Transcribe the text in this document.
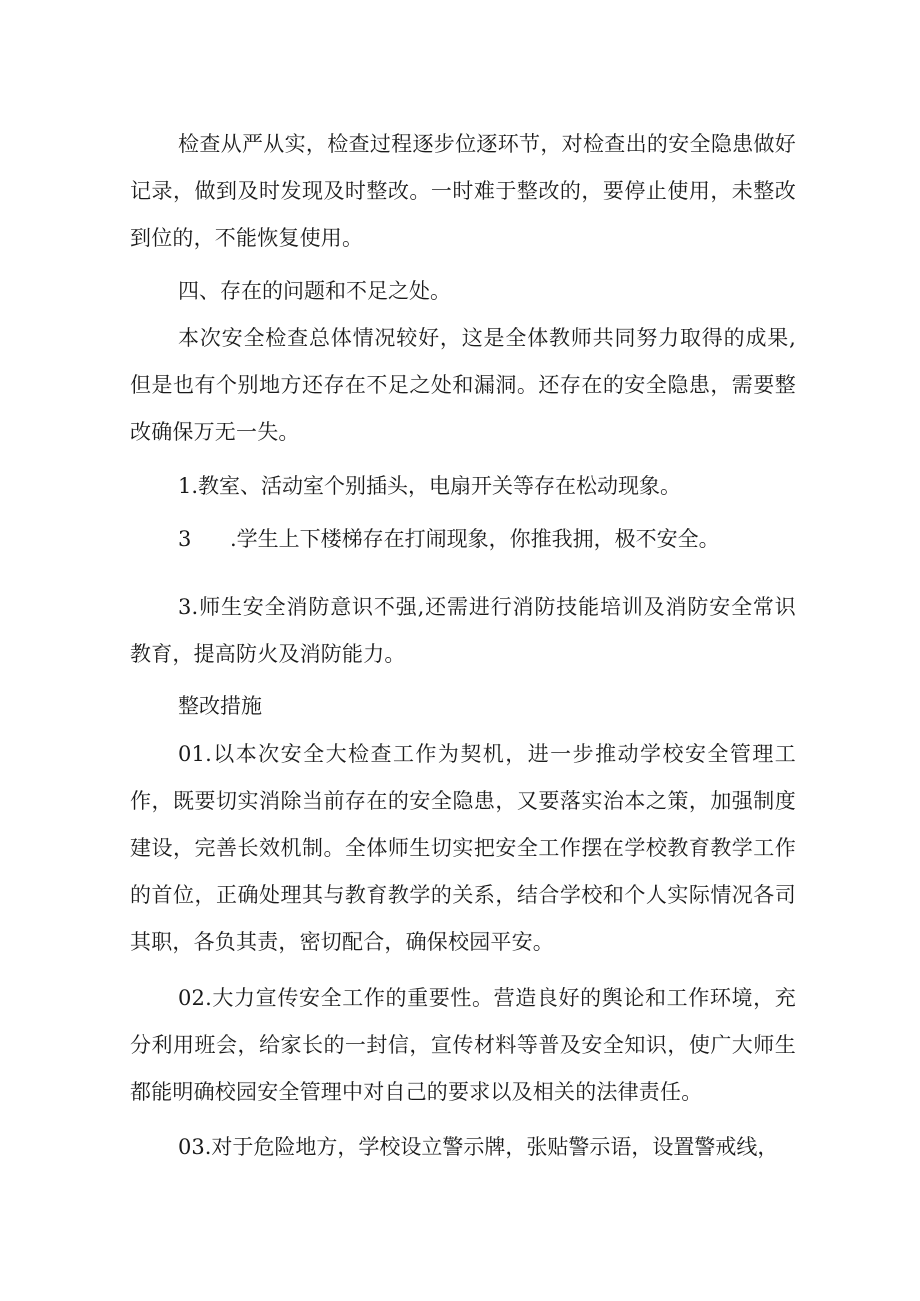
检查从严从实，检查过程逐步位逐环节，对检查出的安全隐患做好记录，做到及时发现及时整改。一时难于整改的，要停止使用，未整改到位的，不能恢复使用。

四、存在的问题和不足之处。

本次安全检查总体情况较好，这是全体教师共同努力取得的成果,但是也有个别地方还存在不足之处和漏洞。还存在的安全隐患，需要整改确保万无一失。

1.教室、活动室个别插头，电扇开关等存在松动现象。

3 .学生上下楼梯存在打闹现象，你推我拥，极不安全。

3.师生安全消防意识不强,还需进行消防技能培训及消防安全常识教育，提高防火及消防能力。

整改措施

01.以本次安全大检查工作为契机，进一步推动学校安全管理工作，既要切实消除当前存在的安全隐患，又要落实治本之策，加强制度建设，完善长效机制。全体师生切实把安全工作摆在学校教育教学工作的首位，正确处理其与教育教学的关系，结合学校和个人实际情况各司其职，各负其责，密切配合，确保校园平安。

02.大力宣传安全工作的重要性。营造良好的舆论和工作环境，充分利用班会，给家长的一封信，宣传材料等普及安全知识，使广大师生都能明确校园安全管理中对自己的要求以及相关的法律责任。

03.对于危险地方，学校设立警示牌，张贴警示语，设置警戒线，
